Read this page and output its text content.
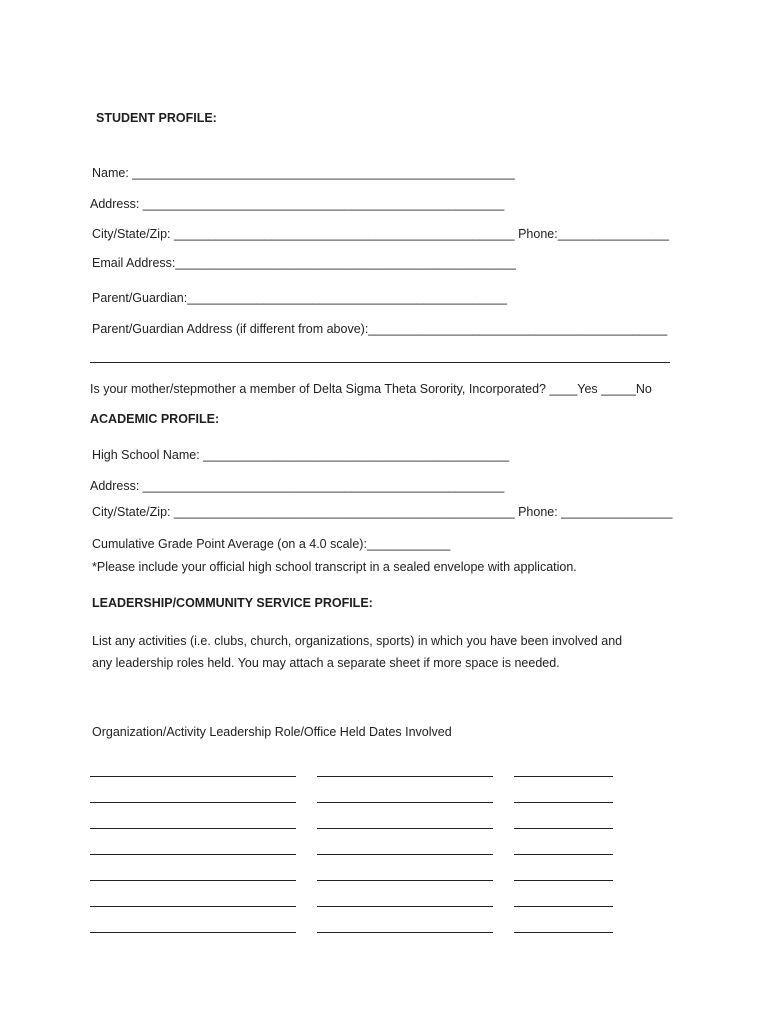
STUDENT PROFILE:
Name: _______________________________________________________
Address: ____________________________________________________
City/State/Zip: _________________________________________________ Phone:________________
Email Address:_________________________________________________
Parent/Guardian:______________________________________________
Parent/Guardian Address (if different from above):___________________________________________
Is your mother/stepmother a member of Delta Sigma Theta Sorority, Incorporated? ____Yes _____No
ACADEMIC PROFILE:
High School Name: ____________________________________________
Address: ____________________________________________________
City/State/Zip: _________________________________________________ Phone: ________________
Cumulative Grade Point Average (on a 4.0 scale):____________
*Please include your official high school transcript in a sealed envelope with application.
LEADERSHIP/COMMUNITY SERVICE PROFILE:
List any activities (i.e. clubs, church, organizations, sports) in which you have been involved and
any leadership roles held. You may attach a separate sheet if more space is needed.
Organization/Activity Leadership Role/Office Held Dates Involved
